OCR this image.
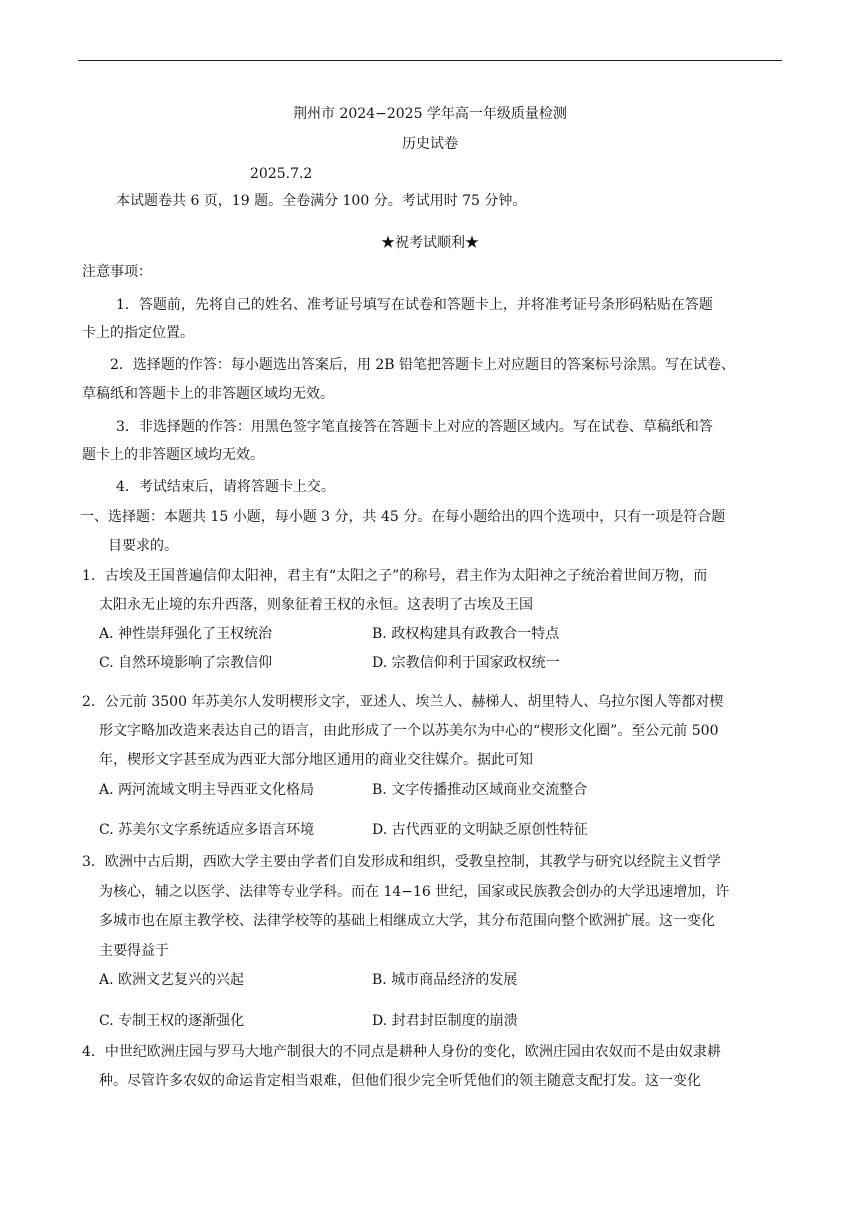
荆州市 2024−2025 学年高一年级质量检测
历史试卷
2025.7.2
本试题卷共 6 页，19 题。全卷满分 100 分。考试用时 75 分钟。
★祝考试顺利★
注意事项：
1．答题前，先将自己的姓名、准考证号填写在试卷和答题卡上，并将准考证号条形码粘贴在答题
卡上的指定位置。
2．选择题的作答：每小题选出答案后，用 2B 铅笔把答题卡上对应题目的答案标号涂黑。写在试卷、
草稿纸和答题卡上的非答题区域均无效。
3．非选择题的作答：用黑色签字笔直接答在答题卡上对应的答题区域内。写在试卷、草稿纸和答
题卡上的非答题区域均无效。
4．考试结束后，请将答题卡上交。
一、选择题：本题共 15 小题，每小题 3 分，共 45 分。在每小题给出的四个选项中，只有一项是符合题
目要求的。
1．古埃及王国普遍信仰太阳神，君主有“太阳之子”的称号，君主作为太阳神之子统治着世间万物，而
太阳永无止境的东升西落，则象征着王权的永恒。这表明了古埃及王国
A. 神性崇拜强化了王权统治	B. 政权构建具有政教合一特点
C. 自然环境影响了宗教信仰	D. 宗教信仰利于国家政权统一
2．公元前 3500 年苏美尔人发明楔形文字，亚述人、埃兰人、赫梯人、胡里特人、乌拉尔图人等都对楔
形文字略加改造来表达自己的语言，由此形成了一个以苏美尔为中心的“楔形文化圈”。至公元前 500
年，楔形文字甚至成为西亚大部分地区通用的商业交往媒介。据此可知
A. 两河流域文明主导西亚文化格局	B. 文字传播推动区域商业交流整合
C. 苏美尔文字系统适应多语言环境	D. 古代西亚的文明缺乏原创性特征
3．欧洲中古后期，西欧大学主要由学者们自发形成和组织，受教皇控制，其教学与研究以经院主义哲学
为核心，辅之以医学、法律等专业学科。而在 14−16 世纪，国家或民族教会创办的大学迅速增加，许
多城市也在原主教学校、法律学校等的基础上相继成立大学，其分布范围向整个欧洲扩展。这一变化
主要得益于
A. 欧洲文艺复兴的兴起	B. 城市商品经济的发展
C. 专制王权的逐渐强化	D. 封君封臣制度的崩溃
4．中世纪欧洲庄园与罗马大地产制很大的不同点是耕种人身份的变化，欧洲庄园由农奴而不是由奴隶耕
种。尽管许多农奴的命运肯定相当艰难，但他们很少完全听凭他们的领主随意支配打发。这一变化
